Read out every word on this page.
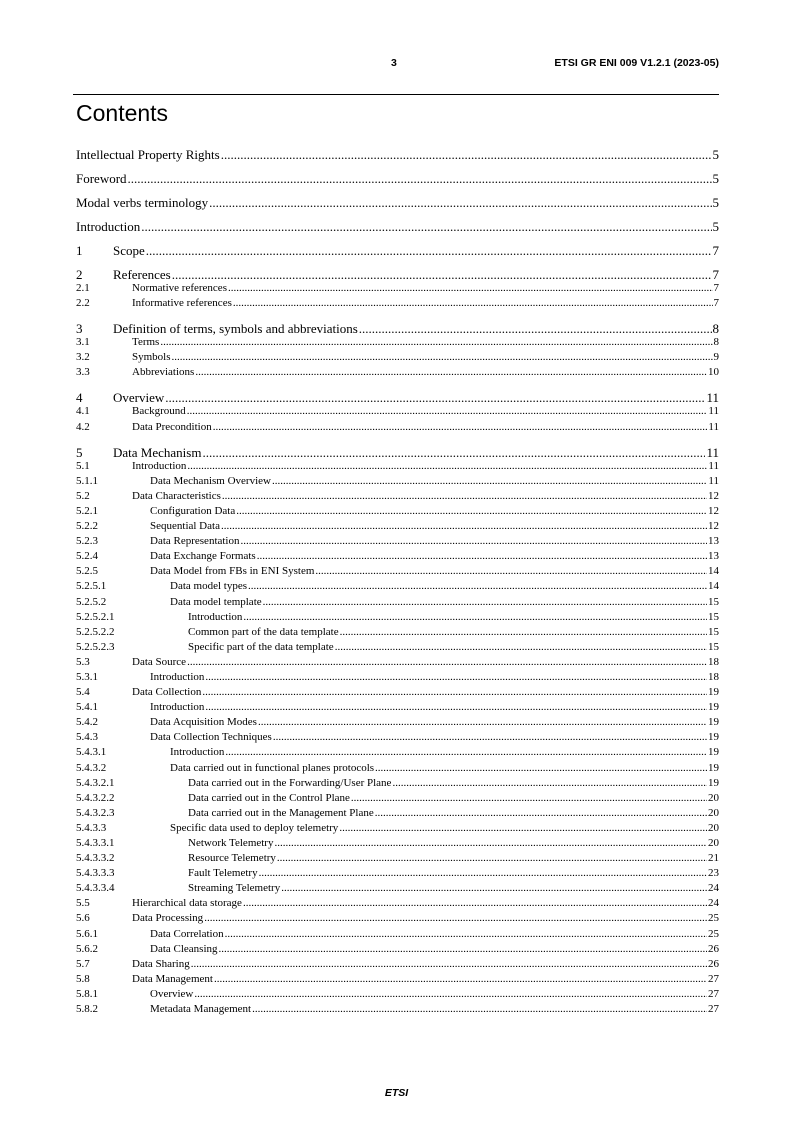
3	ETSI GR ENI 009 V1.2.1 (2023-05)
Contents
Intellectual Property Rights .....	5
Foreword .....	5
Modal verbs terminology .....	5
Introduction .....	5
1	Scope .....	7
2	References .....	7
2.1	Normative references .....	7
2.2	Informative references .....	7
3	Definition of terms, symbols and abbreviations .....	8
3.1	Terms .....	8
3.2	Symbols .....	9
3.3	Abbreviations .....	10
4	Overview .....	11
4.1	Background .....	11
4.2	Data Precondition .....	11
5	Data Mechanism .....	11
5.1	Introduction .....	11
5.1.1	Data Mechanism Overview .....	11
5.2	Data Characteristics .....	12
5.2.1	Configuration Data .....	12
5.2.2	Sequential Data .....	12
5.2.3	Data Representation .....	13
5.2.4	Data Exchange Formats .....	13
5.2.5	Data Model from FBs in ENI System .....	14
5.2.5.1	Data model types .....	14
5.2.5.2	Data model template .....	15
5.2.5.2.1	Introduction .....	15
5.2.5.2.2	Common part of the data template .....	15
5.2.5.2.3	Specific part of the data template .....	15
5.3	Data Source .....	18
5.3.1	Introduction .....	18
5.4	Data Collection .....	19
5.4.1	Introduction .....	19
5.4.2	Data Acquisition Modes .....	19
5.4.3	Data Collection Techniques .....	19
5.4.3.1	Introduction .....	19
5.4.3.2	Data carried out in functional planes protocols .....	19
5.4.3.2.1	Data carried out in the Forwarding/User Plane .....	19
5.4.3.2.2	Data carried out in the Control Plane .....	20
5.4.3.2.3	Data carried out in the Management Plane .....	20
5.4.3.3	Specific data used to deploy telemetry .....	20
5.4.3.3.1	Network Telemetry .....	20
5.4.3.3.2	Resource Telemetry .....	21
5.4.3.3.3	Fault Telemetry .....	23
5.4.3.3.4	Streaming Telemetry .....	24
5.5	Hierarchical data storage .....	24
5.6	Data Processing .....	25
5.6.1	Data Correlation .....	25
5.6.2	Data Cleansing .....	26
5.7	Data Sharing .....	26
5.8	Data Management .....	27
5.8.1	Overview .....	27
5.8.2	Metadata Management .....	27
ETSI
